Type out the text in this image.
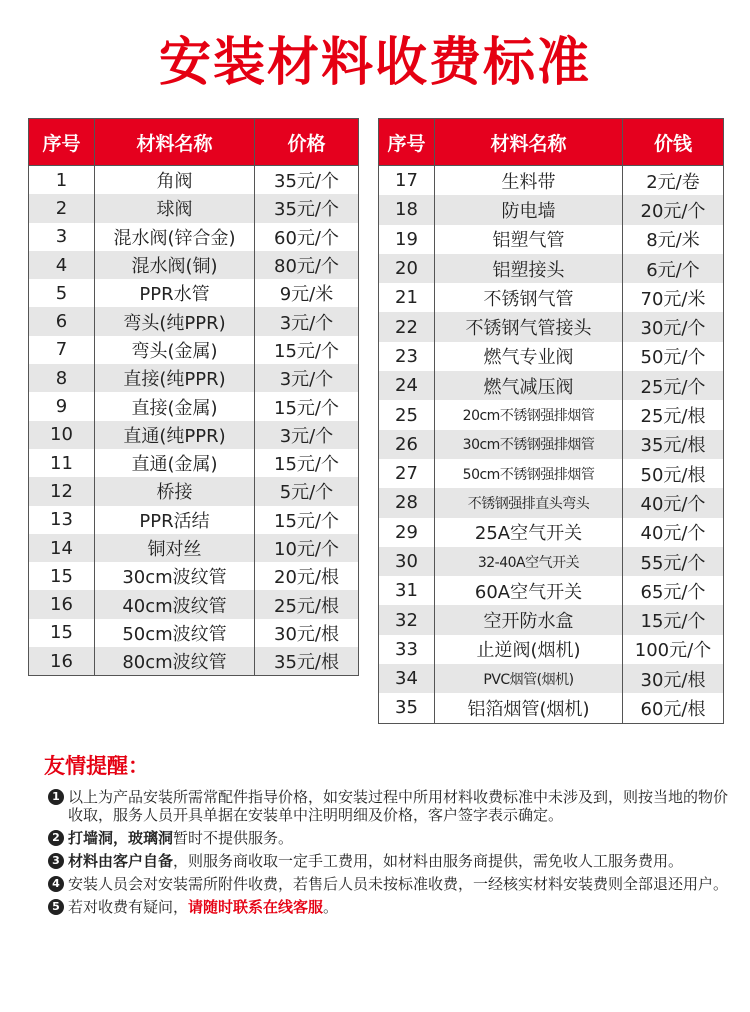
安装材料收费标准
序号	材料名称	价格
1	角阀	35元/个
2	球阀	35元/个
3	混水阀(锌合金)	60元/个
4	混水阀(铜)	80元/个
5	PPR水管	9元/米
6	弯头(纯PPR)	3元/个
7	弯头(金属)	15元/个
8	直接(纯PPR)	3元/个
9	直接(金属)	15元/个
10	直通(纯PPR)	3元/个
11	直通(金属)	15元/个
12	桥接	5元/个
13	PPR活结	15元/个
14	铜对丝	10元/个
15	30cm波纹管	20元/根
16	40cm波纹管	25元/根
15	50cm波纹管	30元/根
16	80cm波纹管	35元/根
序号	材料名称	价钱
17	生料带	2元/卷
18	防电墙	20元/个
19	铝塑气管	8元/米
20	铝塑接头	6元/个
21	不锈钢气管	70元/米
22	不锈钢气管接头	30元/个
23	燃气专业阀	50元/个
24	燃气减压阀	25元/个
25	20cm不锈钢强排烟管	25元/根
26	30cm不锈钢强排烟管	35元/根
27	50cm不锈钢强排烟管	50元/根
28	不锈钢强排直头弯头	40元/个
29	25A空气开关	40元/个
30	32-40A空气开关	55元/个
31	60A空气开关	65元/个
32	空开防水盒	15元/个
33	止逆阀(烟机)	100元/个
34	PVC烟管(烟机)	30元/根
35	铝箔烟管(烟机)	60元/根
友情提醒：
1 以上为产品安装所需常配件指导价格，如安装过程中所用材料收费标准中未涉及到，则按当地的物价收取，服务人员开具单据在安装单中注明明细及价格，客户签字表示确定。
2 打墙洞，玻璃洞暂时不提供服务。
3 材料由客户自备，则服务商收取一定手工费用，如材料由服务商提供，需免收人工服务费用。
4 安装人员会对安装需所附件收费，若售后人员未按标准收费，一经核实材料安装费则全部退还用户。
5 若对收费有疑问，请随时联系在线客服。
